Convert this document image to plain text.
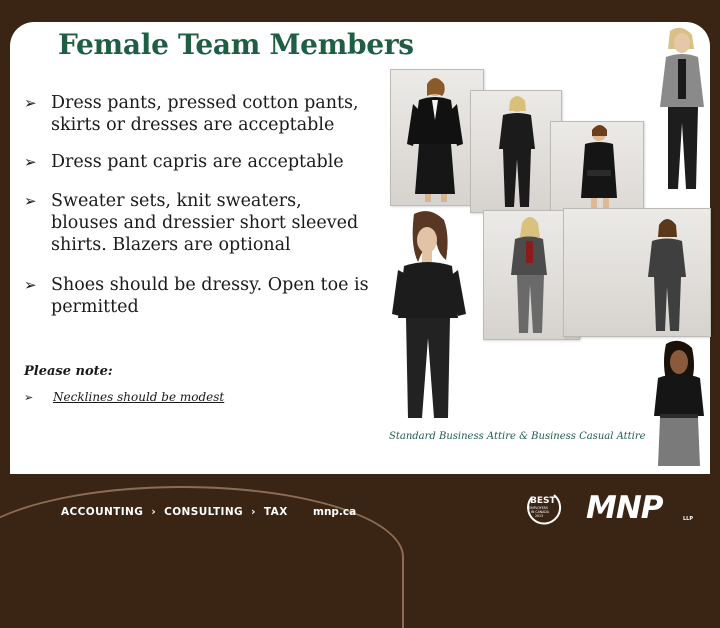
Female Team Members
➢ Dress pants, pressed cotton pants, skirts or dresses are acceptable
➢ Dress pant capris are acceptable
➢ Sweater sets, knit sweaters, blouses and dressier short sleeved shirts. Blazers are optional
➢ Shoes should be dressy. Open toe is permitted
Please note:
➢ Necklines should be modest
Standard Business Attire & Business Casual Attire
ACCOUNTING › CONSULTING › TAX	mnp.ca
BEST
EMPLOYERS
IN CANADA
2013 MNP	LLP
